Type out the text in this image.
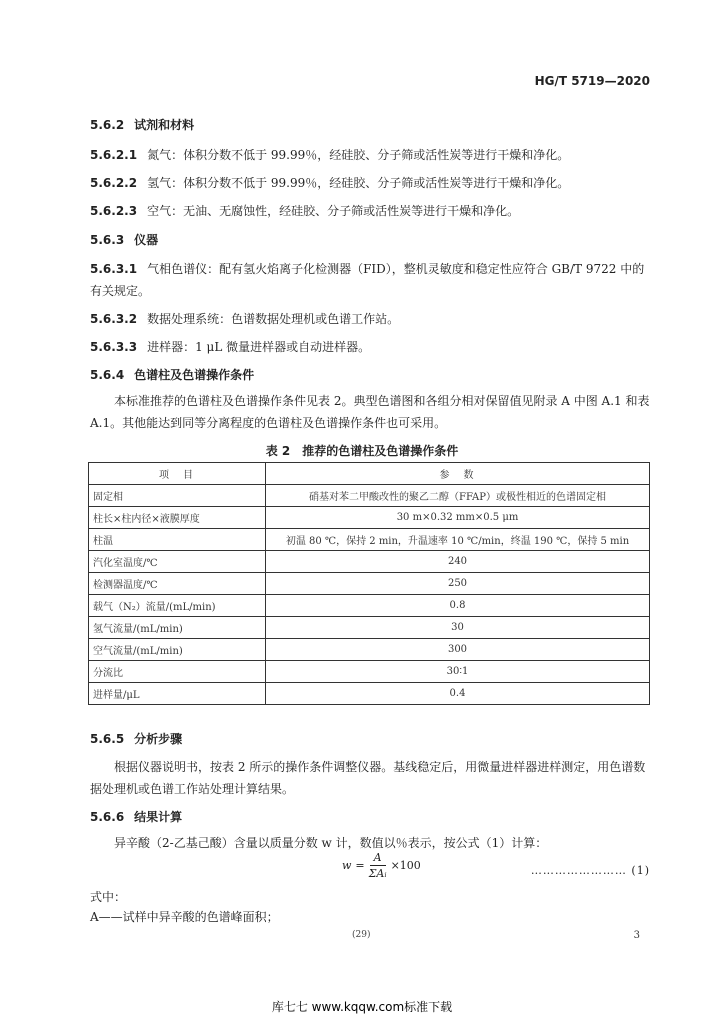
HG/T 5719—2020
5.6.2 试剂和材料
5.6.2.1 氮气：体积分数不低于 99.99％，经硅胶、分子筛或活性炭等进行干燥和净化。
5.6.2.2 氢气：体积分数不低于 99.99％，经硅胶、分子筛或活性炭等进行干燥和净化。
5.6.2.3 空气：无油、无腐蚀性，经硅胶、分子筛或活性炭等进行干燥和净化。
5.6.3 仪器
5.6.3.1 气相色谱仪：配有氢火焰离子化检测器（FID），整机灵敏度和稳定性应符合 GB/T 9722 中的有关规定。
5.6.3.2 数据处理系统：色谱数据处理机或色谱工作站。
5.6.3.3 进样器：1 μL 微量进样器或自动进样器。
5.6.4 色谱柱及色谱操作条件
本标准推荐的色谱柱及色谱操作条件见表 2。典型色谱图和各组分相对保留值见附录 A 中图 A.1 和表 A.1。其他能达到同等分离程度的色谱柱及色谱操作条件也可采用。
表 2　推荐的色谱柱及色谱操作条件
项　目	参　数
固定相	硝基对苯二甲酸改性的聚乙二醇（FFAP）或极性相近的色谱固定相
柱长×柱内径×液膜厚度	30 m×0.32 mm×0.5 μm
柱温	初温 80 ℃，保持 2 min，升温速率 10 ℃/min，终温 190 ℃，保持 5 min
汽化室温度/℃	240
检测器温度/℃	250
载气（N₂）流量/(mL/min)	0.8
氢气流量/(mL/min)	30
空气流量/(mL/min)	300
分流比	30∶1
进样量/μL	0.4
5.6.5 分析步骤
根据仪器说明书，按表 2 所示的操作条件调整仪器。基线稳定后，用微量进样器进样测定，用色谱数据处理机或色谱工作站处理计算结果。
5.6.6 结果计算
异辛酸（2-乙基己酸）含量以质量分数 w 计，数值以％表示，按公式（1）计算：
w =
A
ΣAᵢ
×100	…………………… (1)
式中：
A——试样中异辛酸的色谱峰面积；
(29)	3
库七七 www.kqqw.com标准下载
